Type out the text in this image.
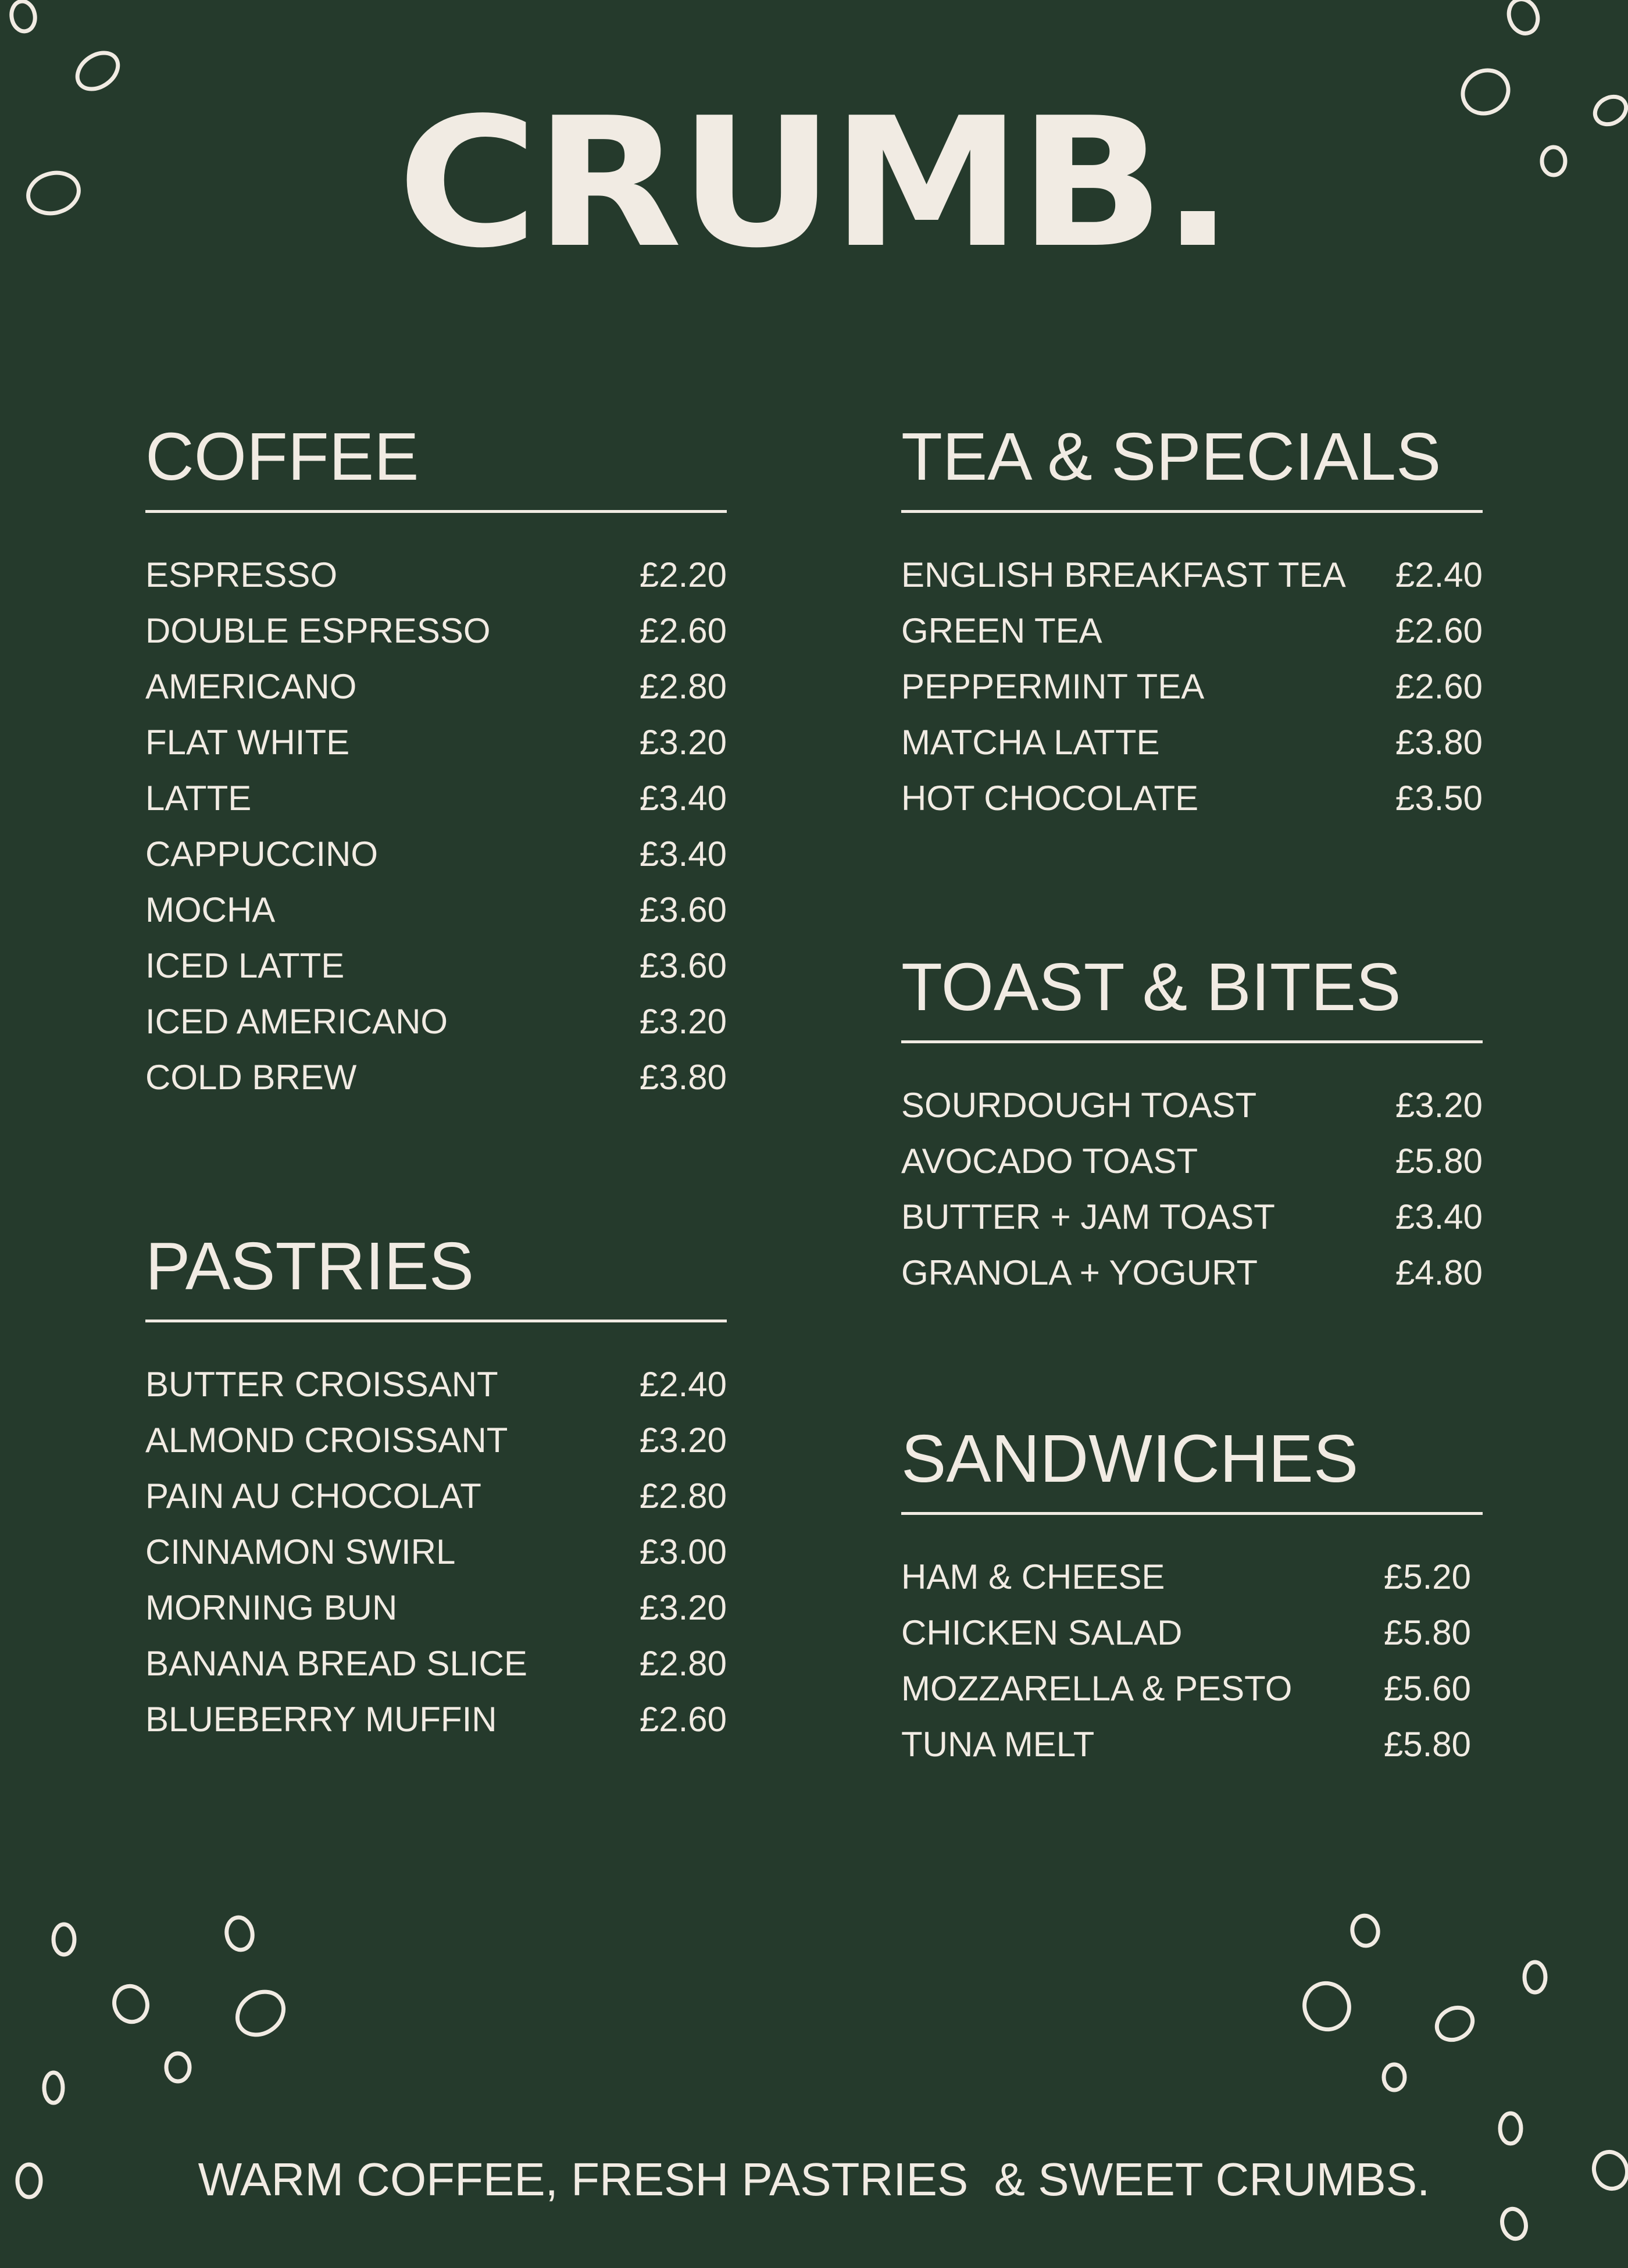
CRUMB.
COFFEE
ESPRESSO	£2.20
DOUBLE ESPRESSO	£2.60
AMERICANO	£2.80
FLAT WHITE	£3.20
LATTE	£3.40
CAPPUCCINO	£3.40
MOCHA	£3.60
ICED LATTE	£3.60
ICED AMERICANO	£3.20
COLD BREW	£3.80
TEA & SPECIALS
ENGLISH BREAKFAST TEA £2.40
GREEN TEA	£2.60
PEPPERMINT TEA	£2.60
MATCHA LATTE	£3.80
HOT CHOCOLATE	£3.50
PASTRIES
BUTTER CROISSANT	£2.40
ALMOND CROISSANT	£3.20
PAIN AU CHOCOLAT	£2.80
CINNAMON SWIRL	£3.00
MORNING BUN	£3.20
BANANA BREAD SLICE	£2.80
BLUEBERRY MUFFIN	£2.60
TOAST & BITES
SOURDOUGH TOAST	£3.20
AVOCADO TOAST	£5.80
BUTTER + JAM TOAST	£3.40
GRANOLA + YOGURT	£4.80
SANDWICHES
HAM & CHEESE	£5.20
CHICKEN SALAD	£5.80
MOZZARELLA & PESTO	£5.60
TUNA MELT	£5.80
WARM COFFEE, FRESH PASTRIES  & SWEET CRUMBS.
